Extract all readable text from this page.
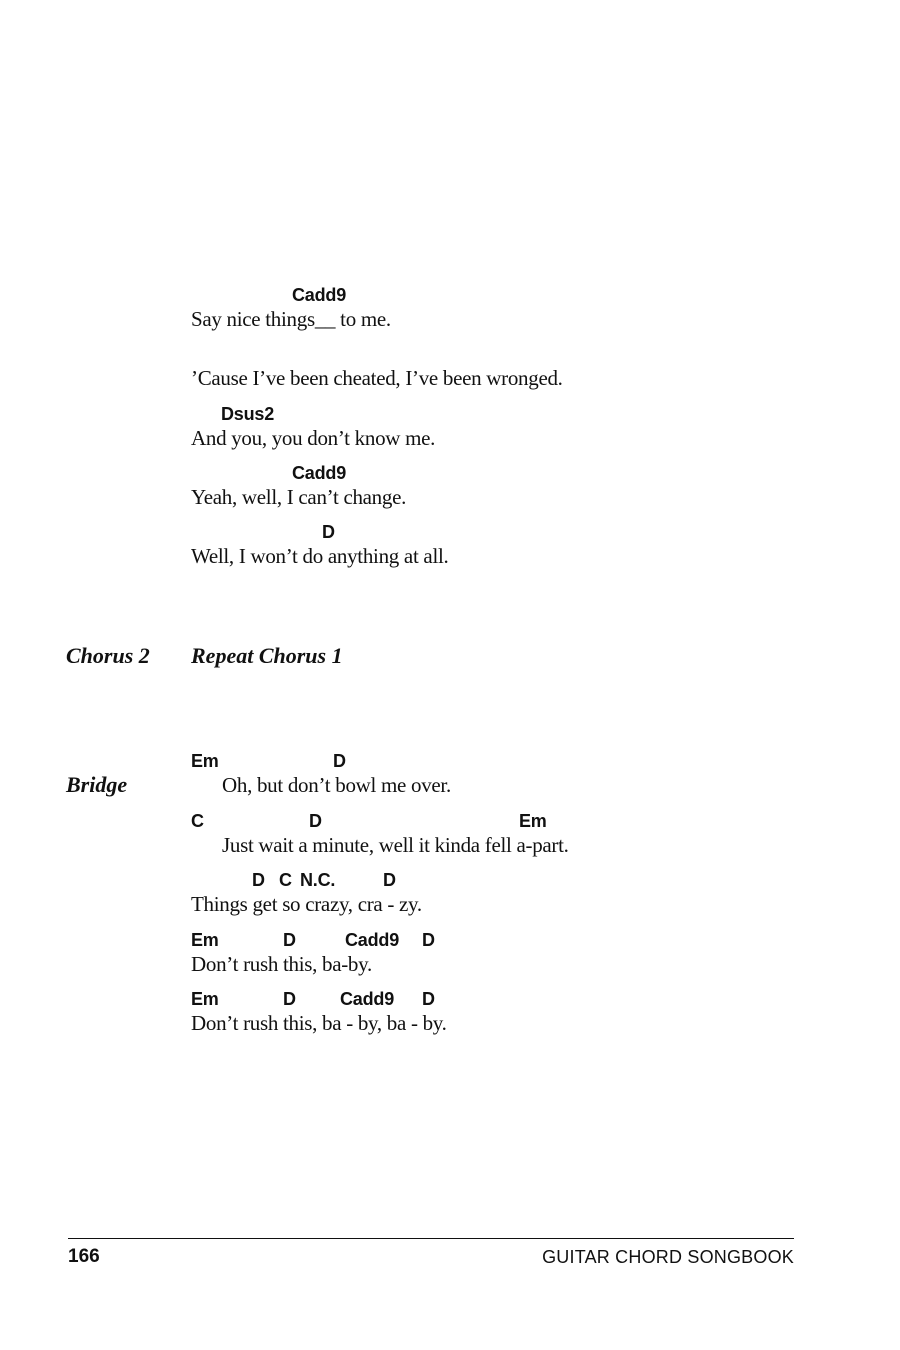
Cadd9
Say nice things__ to me.
’Cause I’ve been cheated, I’ve been wronged.
Dsus2
And you, you don’t know me.
Cadd9
Yeah, well, I can’t change.
D
Well, I won’t do anything at all.
Chorus 2 Repeat Chorus 1
Bridge
Em	D
Oh, but don’t bowl me over.
C	D	Em
Just wait a minute, well it kinda fell a-part.
D C N.C.	D
Things get so crazy, cra - zy.
Em	D	Cadd9 D
Don’t rush this, ba-by.
Em	D Cadd9 D
Don’t rush this, ba - by, ba - by.
166	GUITAR CHORD SONGBOOK
